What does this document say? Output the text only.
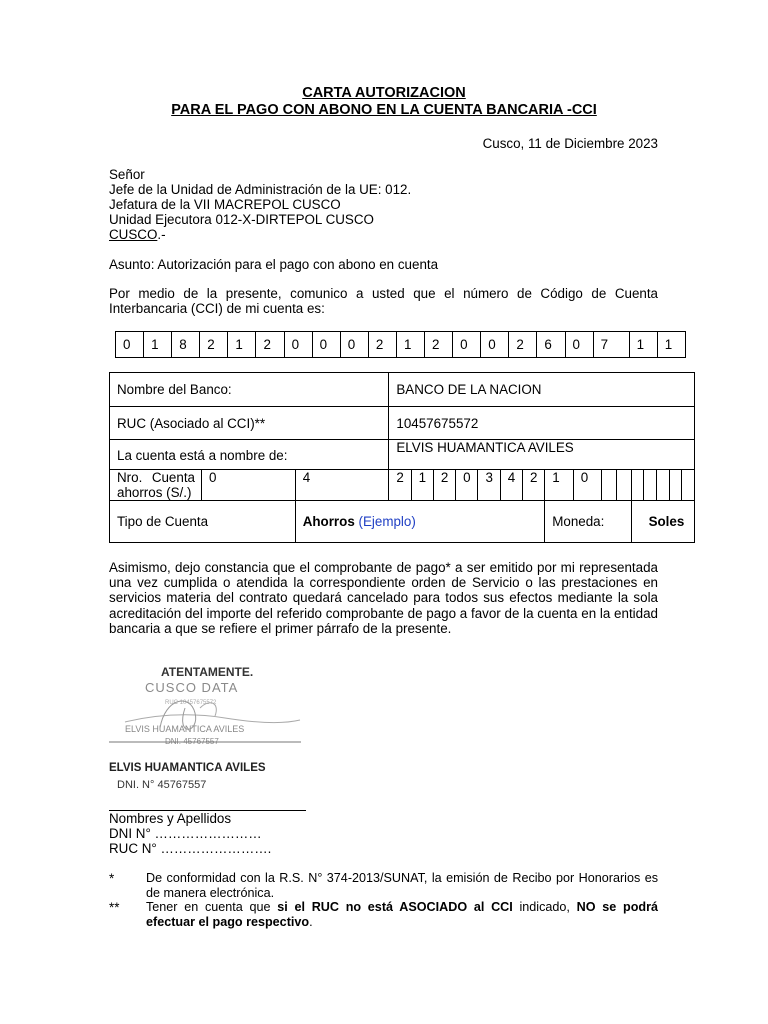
CARTA AUTORIZACION
PARA EL PAGO CON ABONO EN LA CUENTA BANCARIA -CCI
Cusco, 11 de Diciembre 2023
Señor
Jefe de la Unidad de Administración de la UE: 012.
Jefatura de la VII MACREPOL CUSCO
Unidad Ejecutora 012-X-DIRTEPOL CUSCO
CUSCO.-
Asunto: Autorización para el pago con abono en cuenta
Por medio de la presente, comunico a usted que el número de Código de Cuenta Interbancaria (CCI) de mi cuenta es:
0	1	8	2	1	2	0	0	0	2	1	2	0	0	2	6	0	7	1	1
Nombre del Banco:			BANCO DE LA NACION															
RUC (Asociado al CCI)**			10457675572															
La cuenta está a nombre de:			ELVIS HUAMANTICA AVILES															

Nro. Cuenta
ahorros (S/.)	0	4	2	1	2	0	3	4	2	1	0							
Tipo de Cuenta		Ahorros (Ejemplo)								Moneda:				Soles				
Asimismo, dejo constancia que el comprobante de pago* a ser emitido por mi representada una vez cumplida o atendida la correspondiente orden de Servicio o las prestaciones en servicios materia del contrato quedará cancelado para todos sus efectos mediante la sola acreditación del importe del referido comprobante de pago a favor de la cuenta en la entidad bancaria a que se refiere el primer párrafo de la presente.
ATENTAMENTE.
CUSCO DATA
RUC 10457675572
ELVIS HUAMANTICA AVILES
DNI. 45767557
ELVIS HUAMANTICA AVILES
DNI. N° 45767557
Nombres y Apellidos
DNI N° ……………………
RUC N° …………………….
*	De conformidad con la R.S. N° 374-2013/SUNAT, la emisión de Recibo por Honorarios es de manera electrónica.
** Tener en cuenta que si el RUC no está ASOCIADO al CCI indicado, NO se podrá efectuar el pago respectivo.
